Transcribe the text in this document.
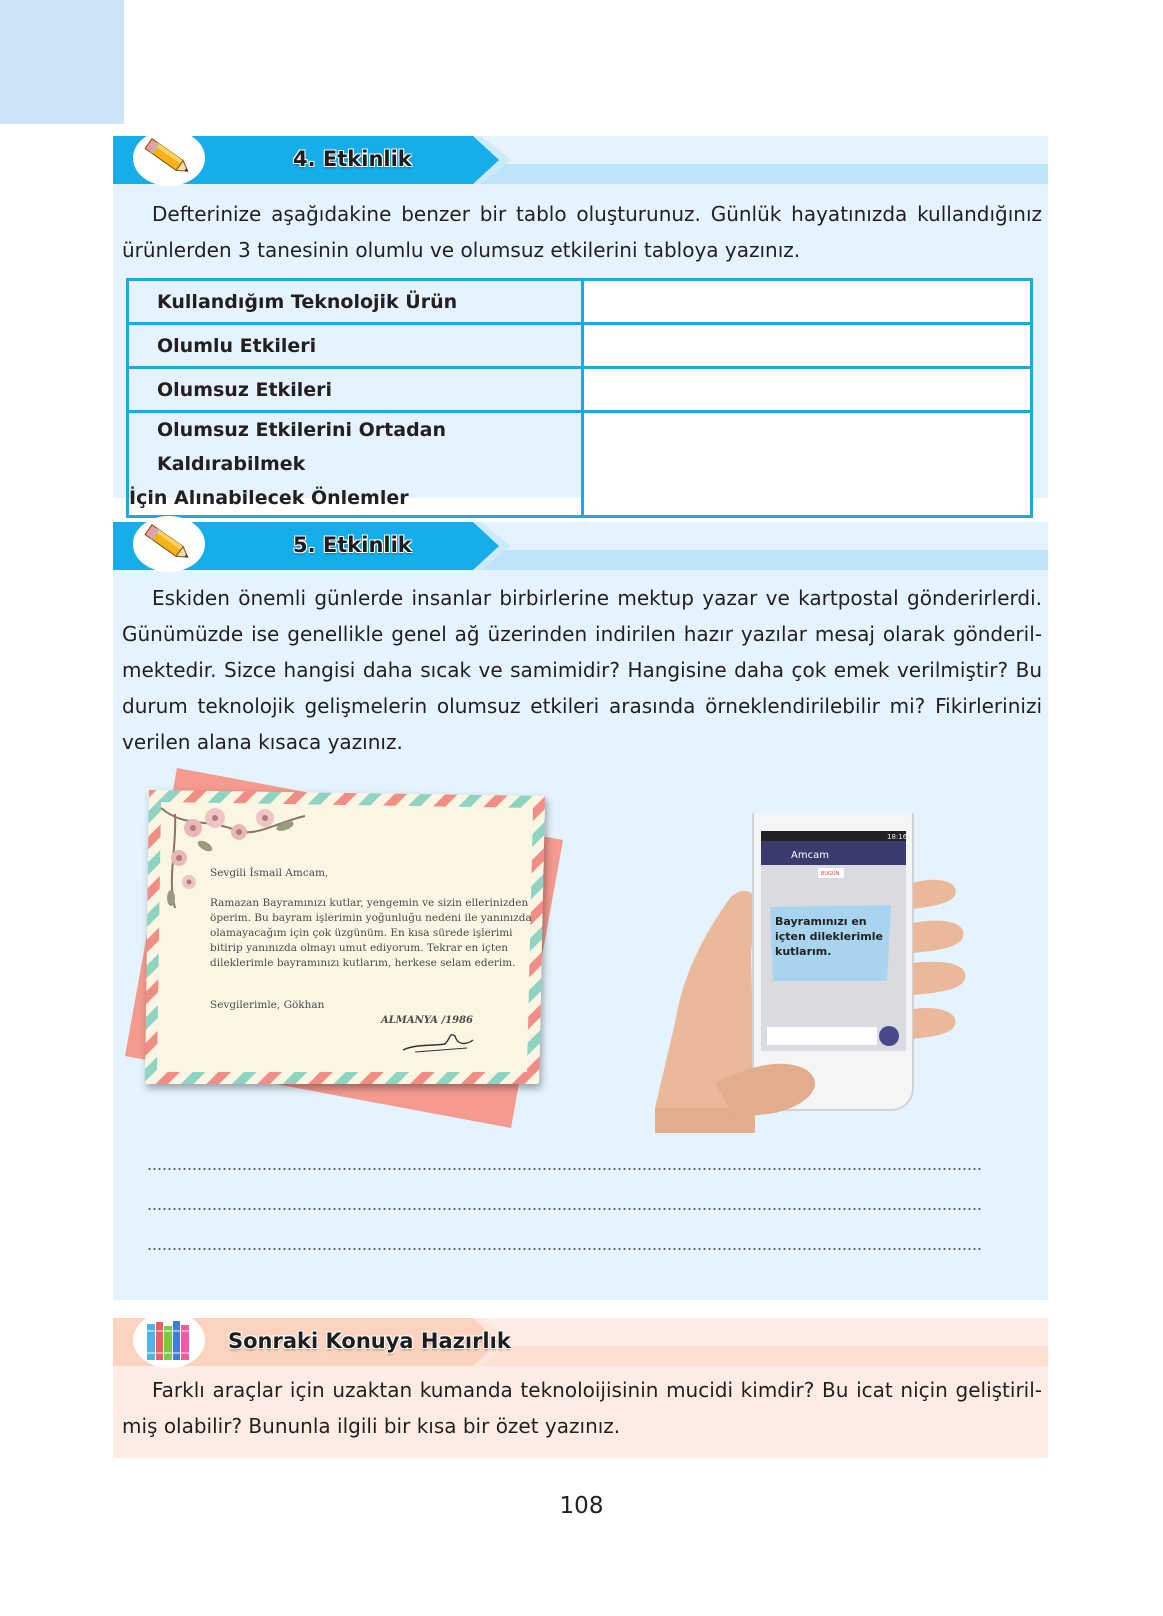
4. Etkinlik
Defterinize aşağıdakine benzer bir tablo oluşturunuz. Günlük hayatınızda kullandığınız
ürünlerden 3 tanesinin olumlu ve olumsuz etkilerini tabloya yazınız.
Kullandığım Teknolojik Ürün	
Olumlu Etkileri	
Olumsuz Etkileri	

Olumsuz Etkilerini Ortadan Kaldırabilmek
İçin Alınabilecek Önlemler	

5. Etkinlik
Eskiden önemli günlerde insanlar birbirlerine mektup yazar ve kartpostal gönderirlerdi.
Günümüzde ise genellikle genel ağ üzerinden indirilen hazır yazılar mesaj olarak gönderil-
mektedir. Sizce hangisi daha sıcak ve samimidir? Hangisine daha çok emek verilmiştir? Bu
durum teknolojik gelişmelerin olumsuz etkileri arasında örneklendirilebilir mi? Fikirlerinizi
verilen alana kısaca yazınız.
Sevgili İsmail Amcam,
Ramazan Bayramınızı kutlar, yengemin ve sizin ellerinizden
öperim. Bu bayram işlerimin yoğunluğu nedeni ile yanınızda
olamayacağım için çok üzgünüm. En kısa sürede işlerimi
bitirip yanınızda olmayı umut ediyorum. Tekrar en içten
dileklerimle bayramınızı kutlarım, herkese selam ederim.
Sevgilerimle, Gökhan
ALMANYA /1986
18:16
Amcam
BUGÜN
Bayramınızı en
içten dileklerimle
kutlarım.
Sonraki Konuya Hazırlık
Farklı araçlar için uzaktan kumanda teknoloijisinin mucidi kimdir? Bu icat niçin geliştiril-
miş olabilir? Bununla ilgili bir kısa bir özet yazınız.
108
